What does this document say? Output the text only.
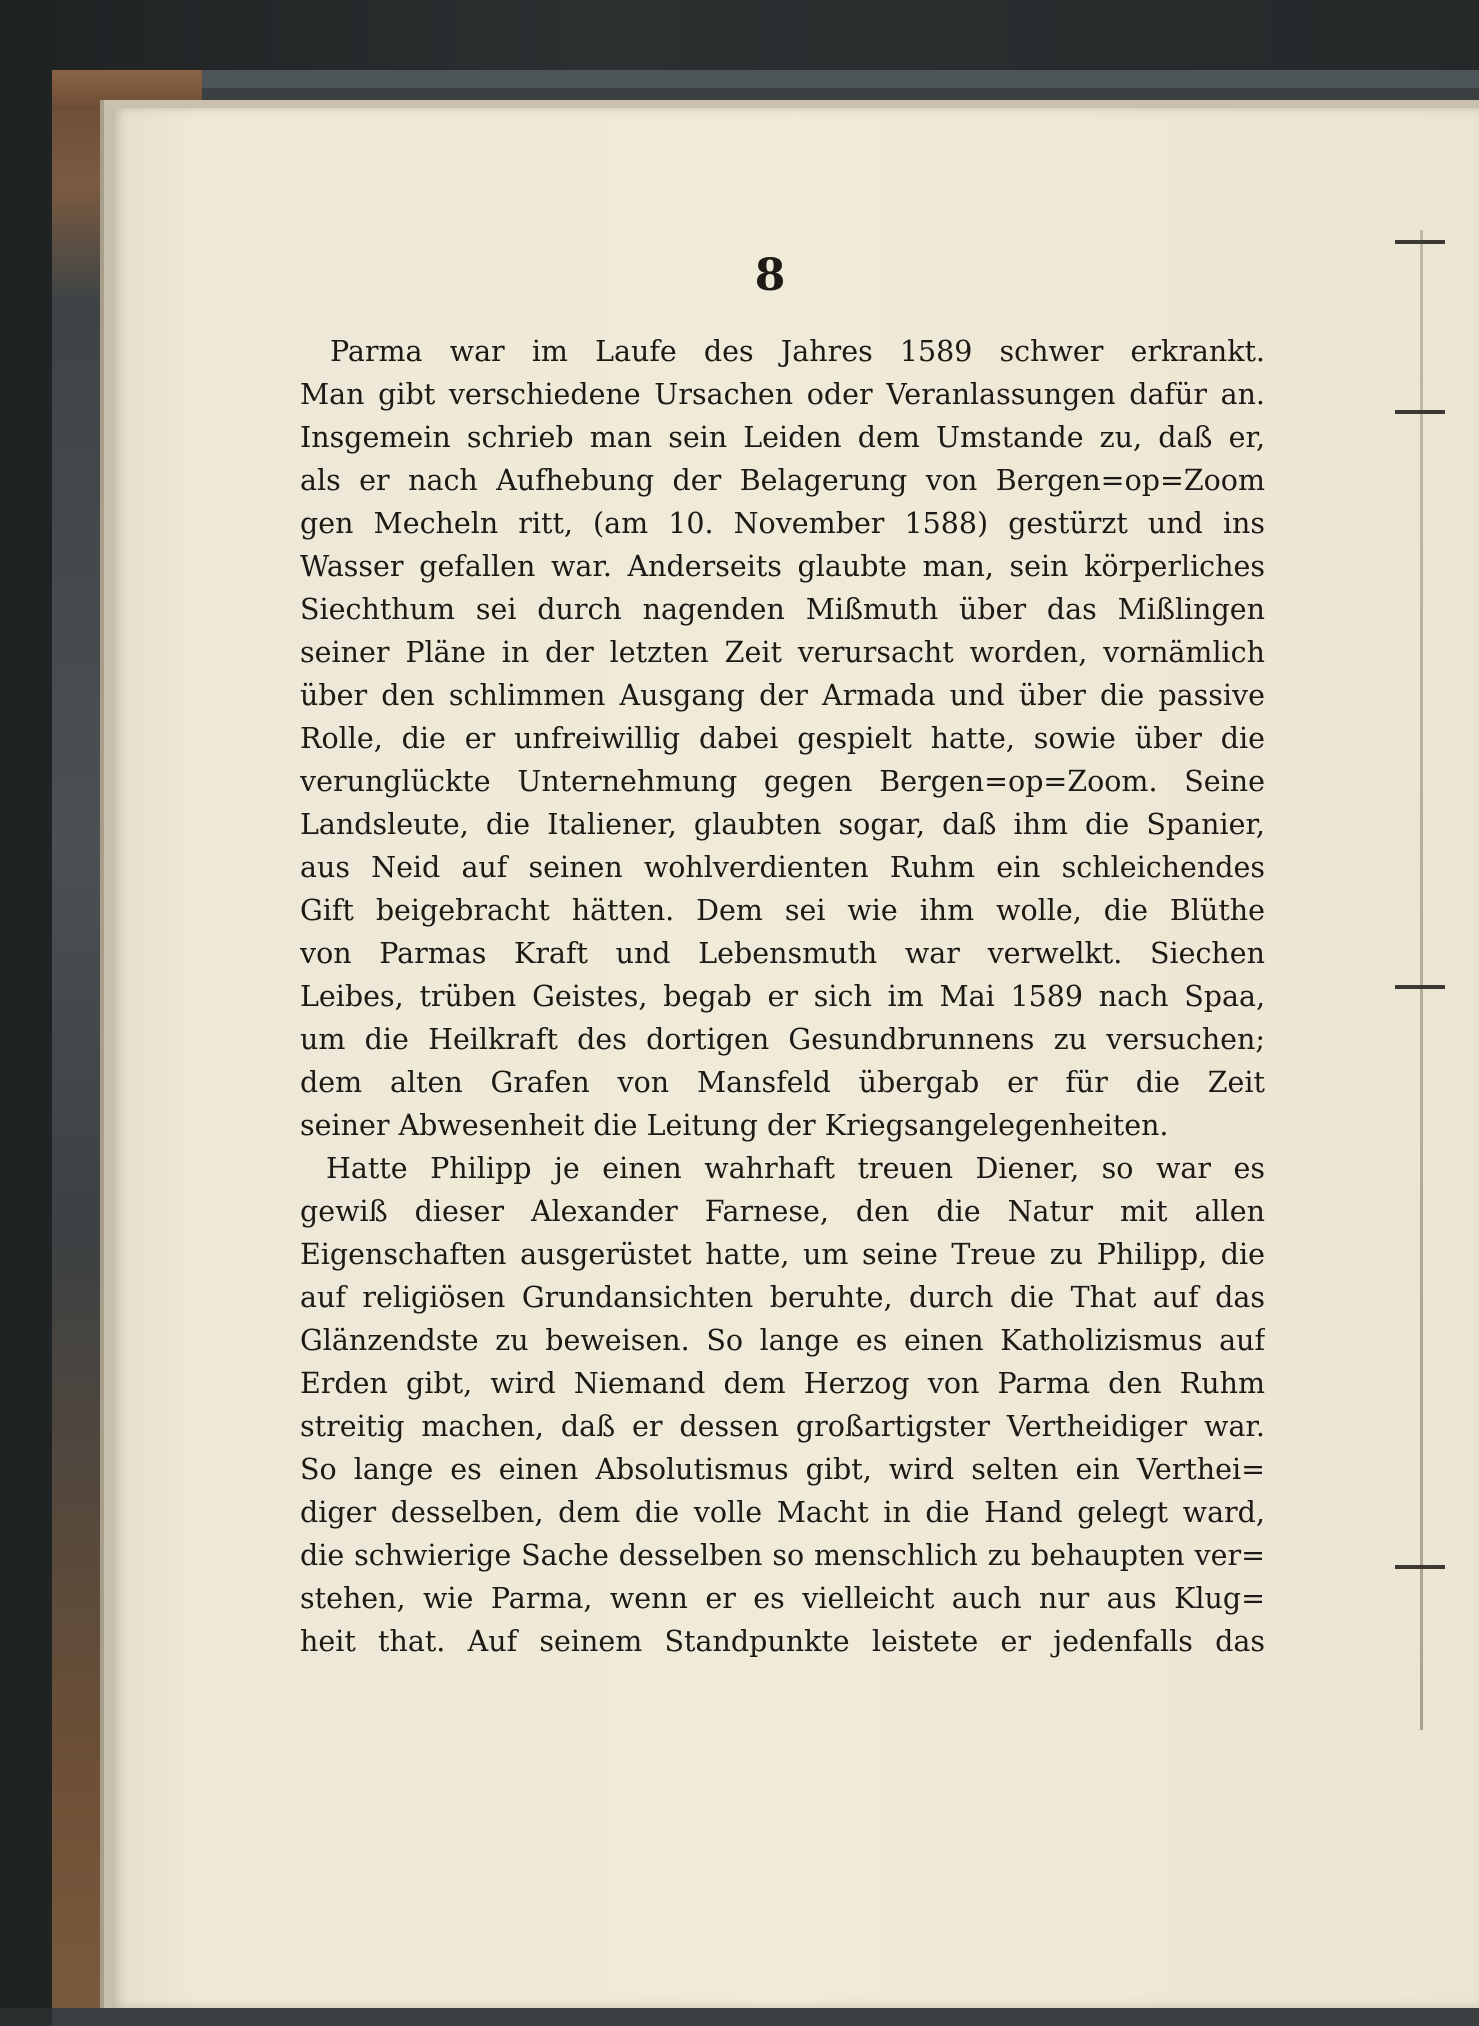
8
Parma war im Laufe des Jahres 1589 schwer erkrankt.
Man gibt verschiedene Ursachen oder Veranlassungen dafür an.
Insgemein schrieb man sein Leiden dem Umstande zu, daß er,
als er nach Aufhebung der Belagerung von Bergen=op=Zoom
gen Mecheln ritt, (am 10. November 1588) gestürzt und ins
Wasser gefallen war. Anderseits glaubte man, sein körperliches
Siechthum sei durch nagenden Mißmuth über das Mißlingen
seiner Pläne in der letzten Zeit verursacht worden, vornämlich
über den schlimmen Ausgang der Armada und über die passive
Rolle, die er unfreiwillig dabei gespielt hatte, sowie über die
verunglückte Unternehmung gegen Bergen=op=Zoom. Seine
Landsleute, die Italiener, glaubten sogar, daß ihm die Spanier,
aus Neid auf seinen wohlverdienten Ruhm ein schleichendes
Gift beigebracht hätten. Dem sei wie ihm wolle, die Blüthe
von Parmas Kraft und Lebensmuth war verwelkt. Siechen
Leibes, trüben Geistes, begab er sich im Mai 1589 nach Spaa,
um die Heilkraft des dortigen Gesundbrunnens zu versuchen;
dem alten Grafen von Mansfeld übergab er für die Zeit
seiner Abwesenheit die Leitung der Kriegsangelegenheiten.
Hatte Philipp je einen wahrhaft treuen Diener, so war es
gewiß dieser Alexander Farnese, den die Natur mit allen
Eigenschaften ausgerüstet hatte, um seine Treue zu Philipp, die
auf religiösen Grundansichten beruhte, durch die That auf das
Glänzendste zu beweisen. So lange es einen Katholizismus auf
Erden gibt, wird Niemand dem Herzog von Parma den Ruhm
streitig machen, daß er dessen großartigster Vertheidiger war.
So lange es einen Absolutismus gibt, wird selten ein Verthei=
diger desselben, dem die volle Macht in die Hand gelegt ward,
die schwierige Sache desselben so menschlich zu behaupten ver=
stehen, wie Parma, wenn er es vielleicht auch nur aus Klug=
heit that. Auf seinem Standpunkte leistete er jedenfalls das
